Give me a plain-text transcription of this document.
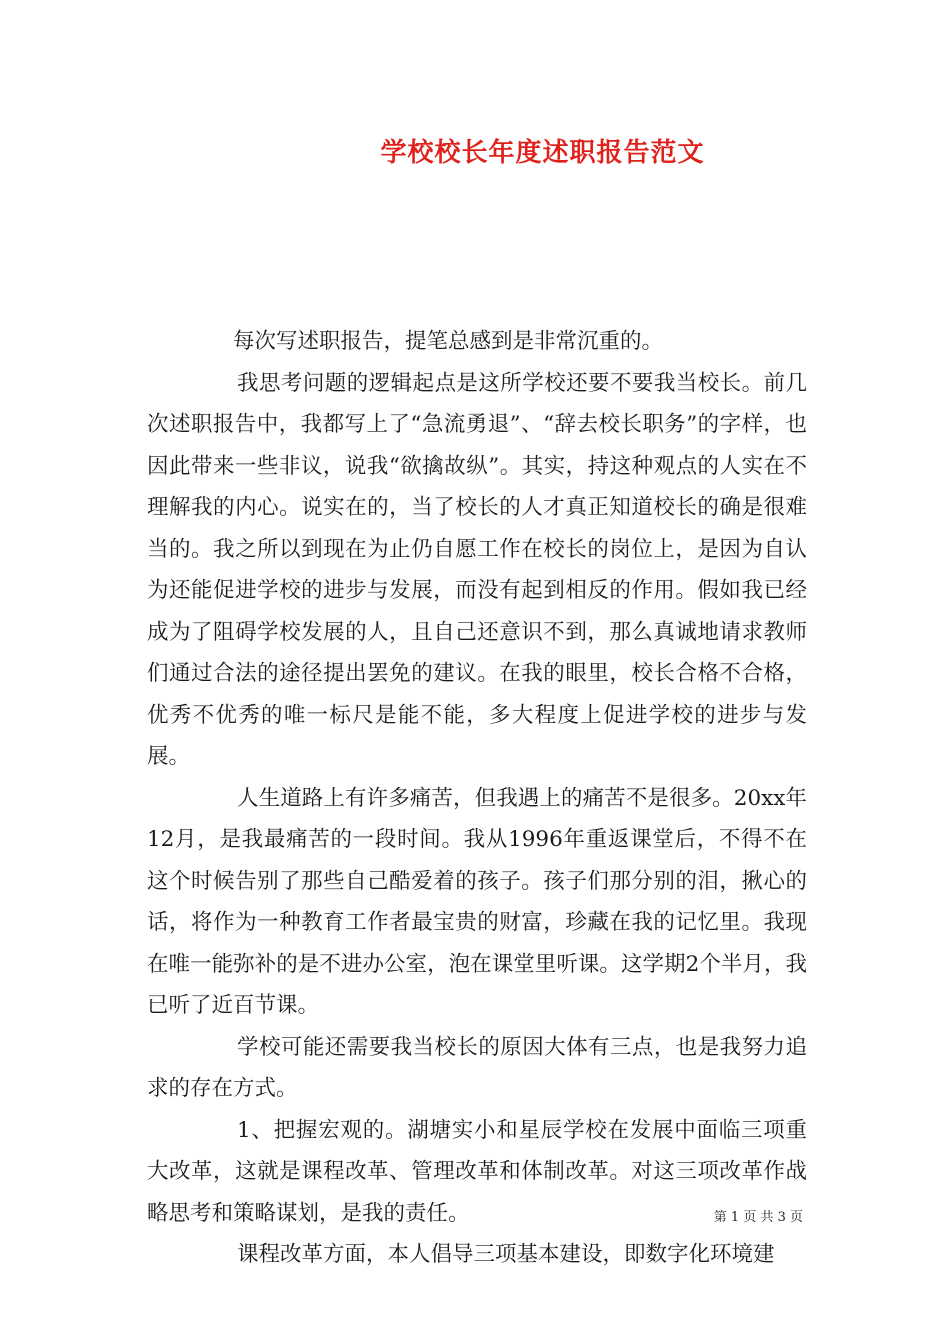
学校校长年度述职报告范文

每次写述职报告，提笔总感到是非常沉重的。

我思考问题的逻辑起点是这所学校还要不要我当校长。前几次述职报告中，我都写上了“急流勇退”、“辞去校长职务”的字样，也因此带来一些非议，说我“欲擒故纵”。其实，持这种观点的人实在不理解我的内心。说实在的，当了校长的人才真正知道校长的确是很难当的。我之所以到现在为止仍自愿工作在校长的岗位上，是因为自认为还能促进学校的进步与发展，而没有起到相反的作用。假如我已经成为了阻碍学校发展的人，且自己还意识不到，那么真诚地请求教师们通过合法的途径提出罢免的建议。在我的眼里，校长合格不合格，优秀不优秀的唯一标尺是能不能，多大程度上促进学校的进步与发展。

人生道路上有许多痛苦，但我遇上的痛苦不是很多。20xx年12月，是我最痛苦的一段时间。我从1996年重返课堂后，不得不在这个时候告别了那些自己酷爱着的孩子。孩子们那分别的泪，揪心的话，将作为一种教育工作者最宝贵的财富，珍藏在我的记忆里。我现在唯一能弥补的是不进办公室，泡在课堂里听课。这学期2个半月，我已听了近百节课。

学校可能还需要我当校长的原因大体有三点，也是我努力追求的存在方式。

1、把握宏观的。湖塘实小和星辰学校在发展中面临三项重大改革，这就是课程改革、管理改革和体制改革。对这三项改革作战略思考和策略谋划，是我的责任。

课程改革方面，本人倡导三项基本建设，即数字化环境建

第 1 页 共 3 页
